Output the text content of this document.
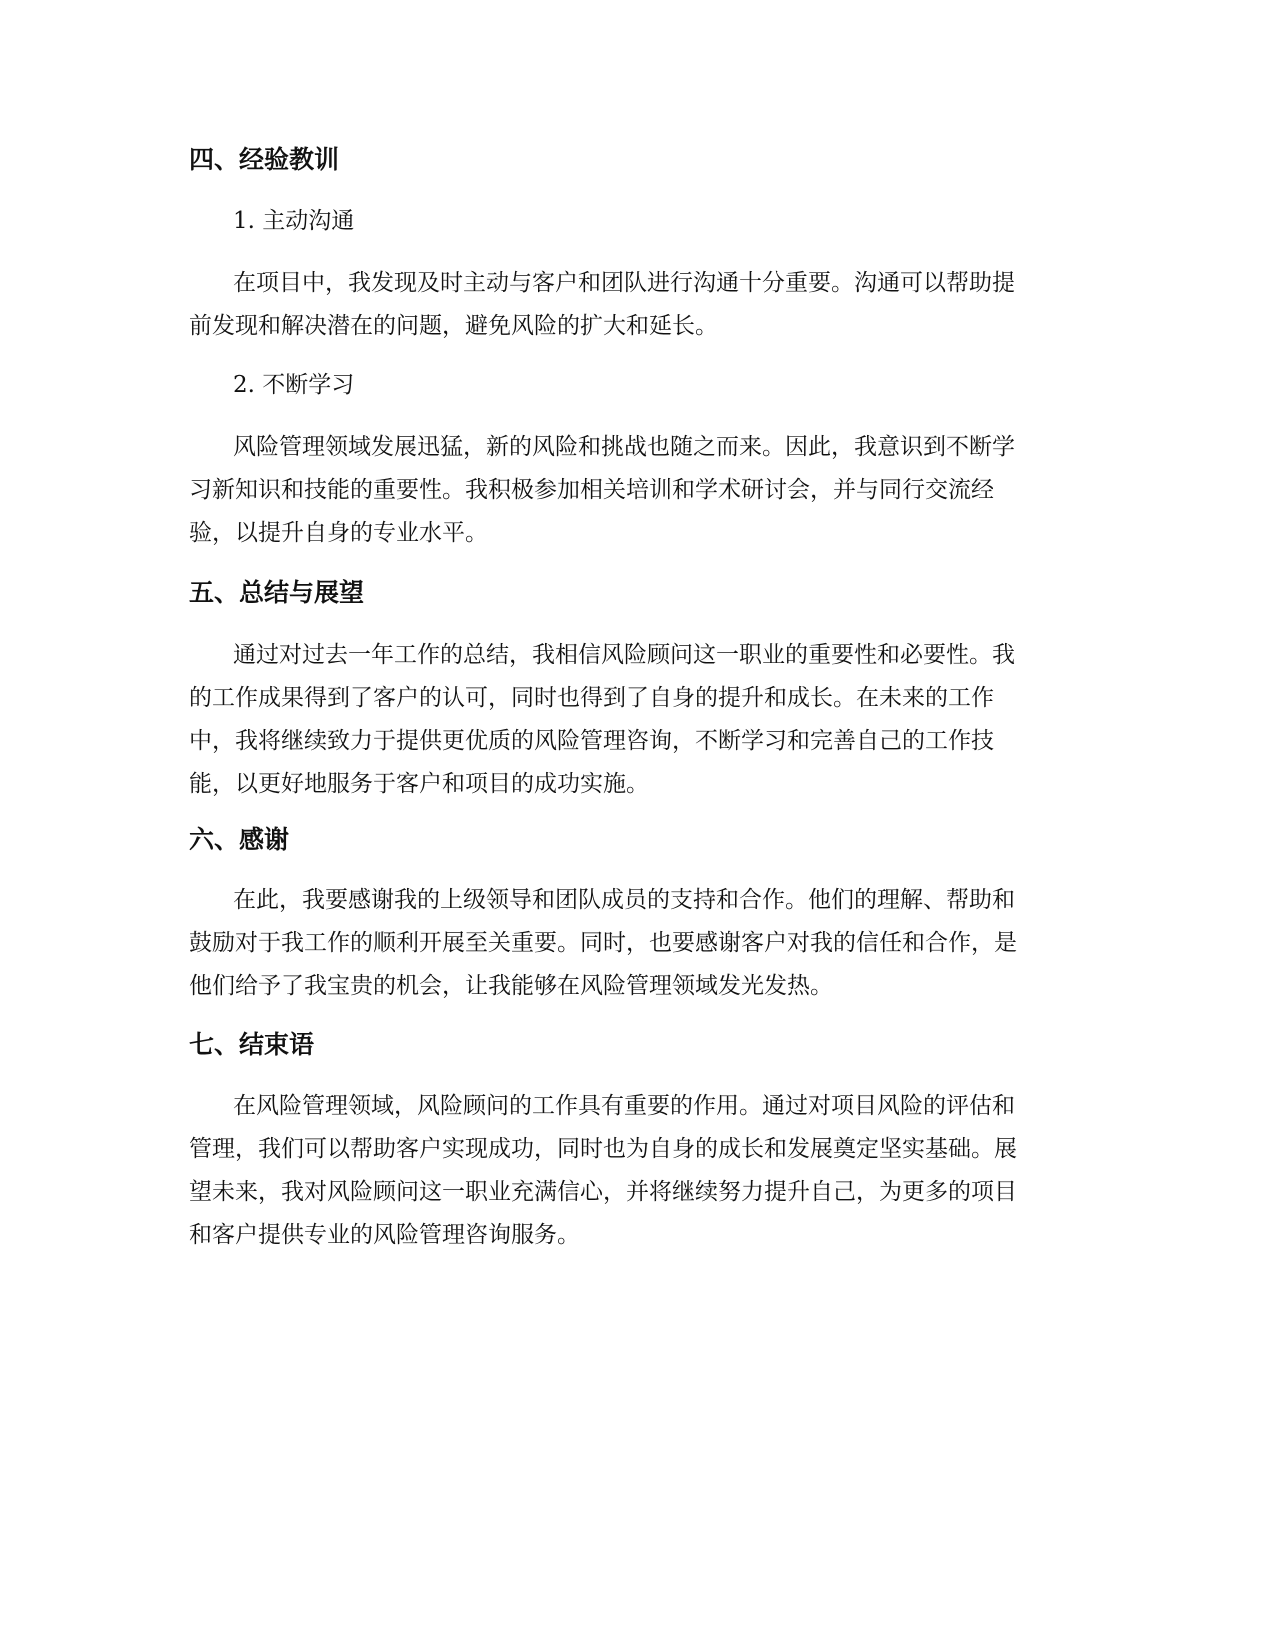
四、经验教训

1. 主动沟通

在项目中，我发现及时主动与客户和团队进行沟通十分重要。沟通可以帮助提
前发现和解决潜在的问题，避免风险的扩大和延长。

2. 不断学习

风险管理领域发展迅猛，新的风险和挑战也随之而来。因此，我意识到不断学
习新知识和技能的重要性。我积极参加相关培训和学术研讨会，并与同行交流经
验，以提升自身的专业水平。
五、总结与展望
通过对过去一年工作的总结，我相信风险顾问这一职业的重要性和必要性。我
的工作成果得到了客户的认可，同时也得到了自身的提升和成长。在未来的工作
中，我将继续致力于提供更优质的风险管理咨询，不断学习和完善自己的工作技
能，以更好地服务于客户和项目的成功实施。
六、感谢
在此，我要感谢我的上级领导和团队成员的支持和合作。他们的理解、帮助和
鼓励对于我工作的顺利开展至关重要。同时，也要感谢客户对我的信任和合作，是
他们给予了我宝贵的机会，让我能够在风险管理领域发光发热。
七、结束语
在风险管理领域，风险顾问的工作具有重要的作用。通过对项目风险的评估和
管理，我们可以帮助客户实现成功，同时也为自身的成长和发展奠定坚实基础。展
望未来，我对风险顾问这一职业充满信心，并将继续努力提升自己，为更多的项目
和客户提供专业的风险管理咨询服务。
